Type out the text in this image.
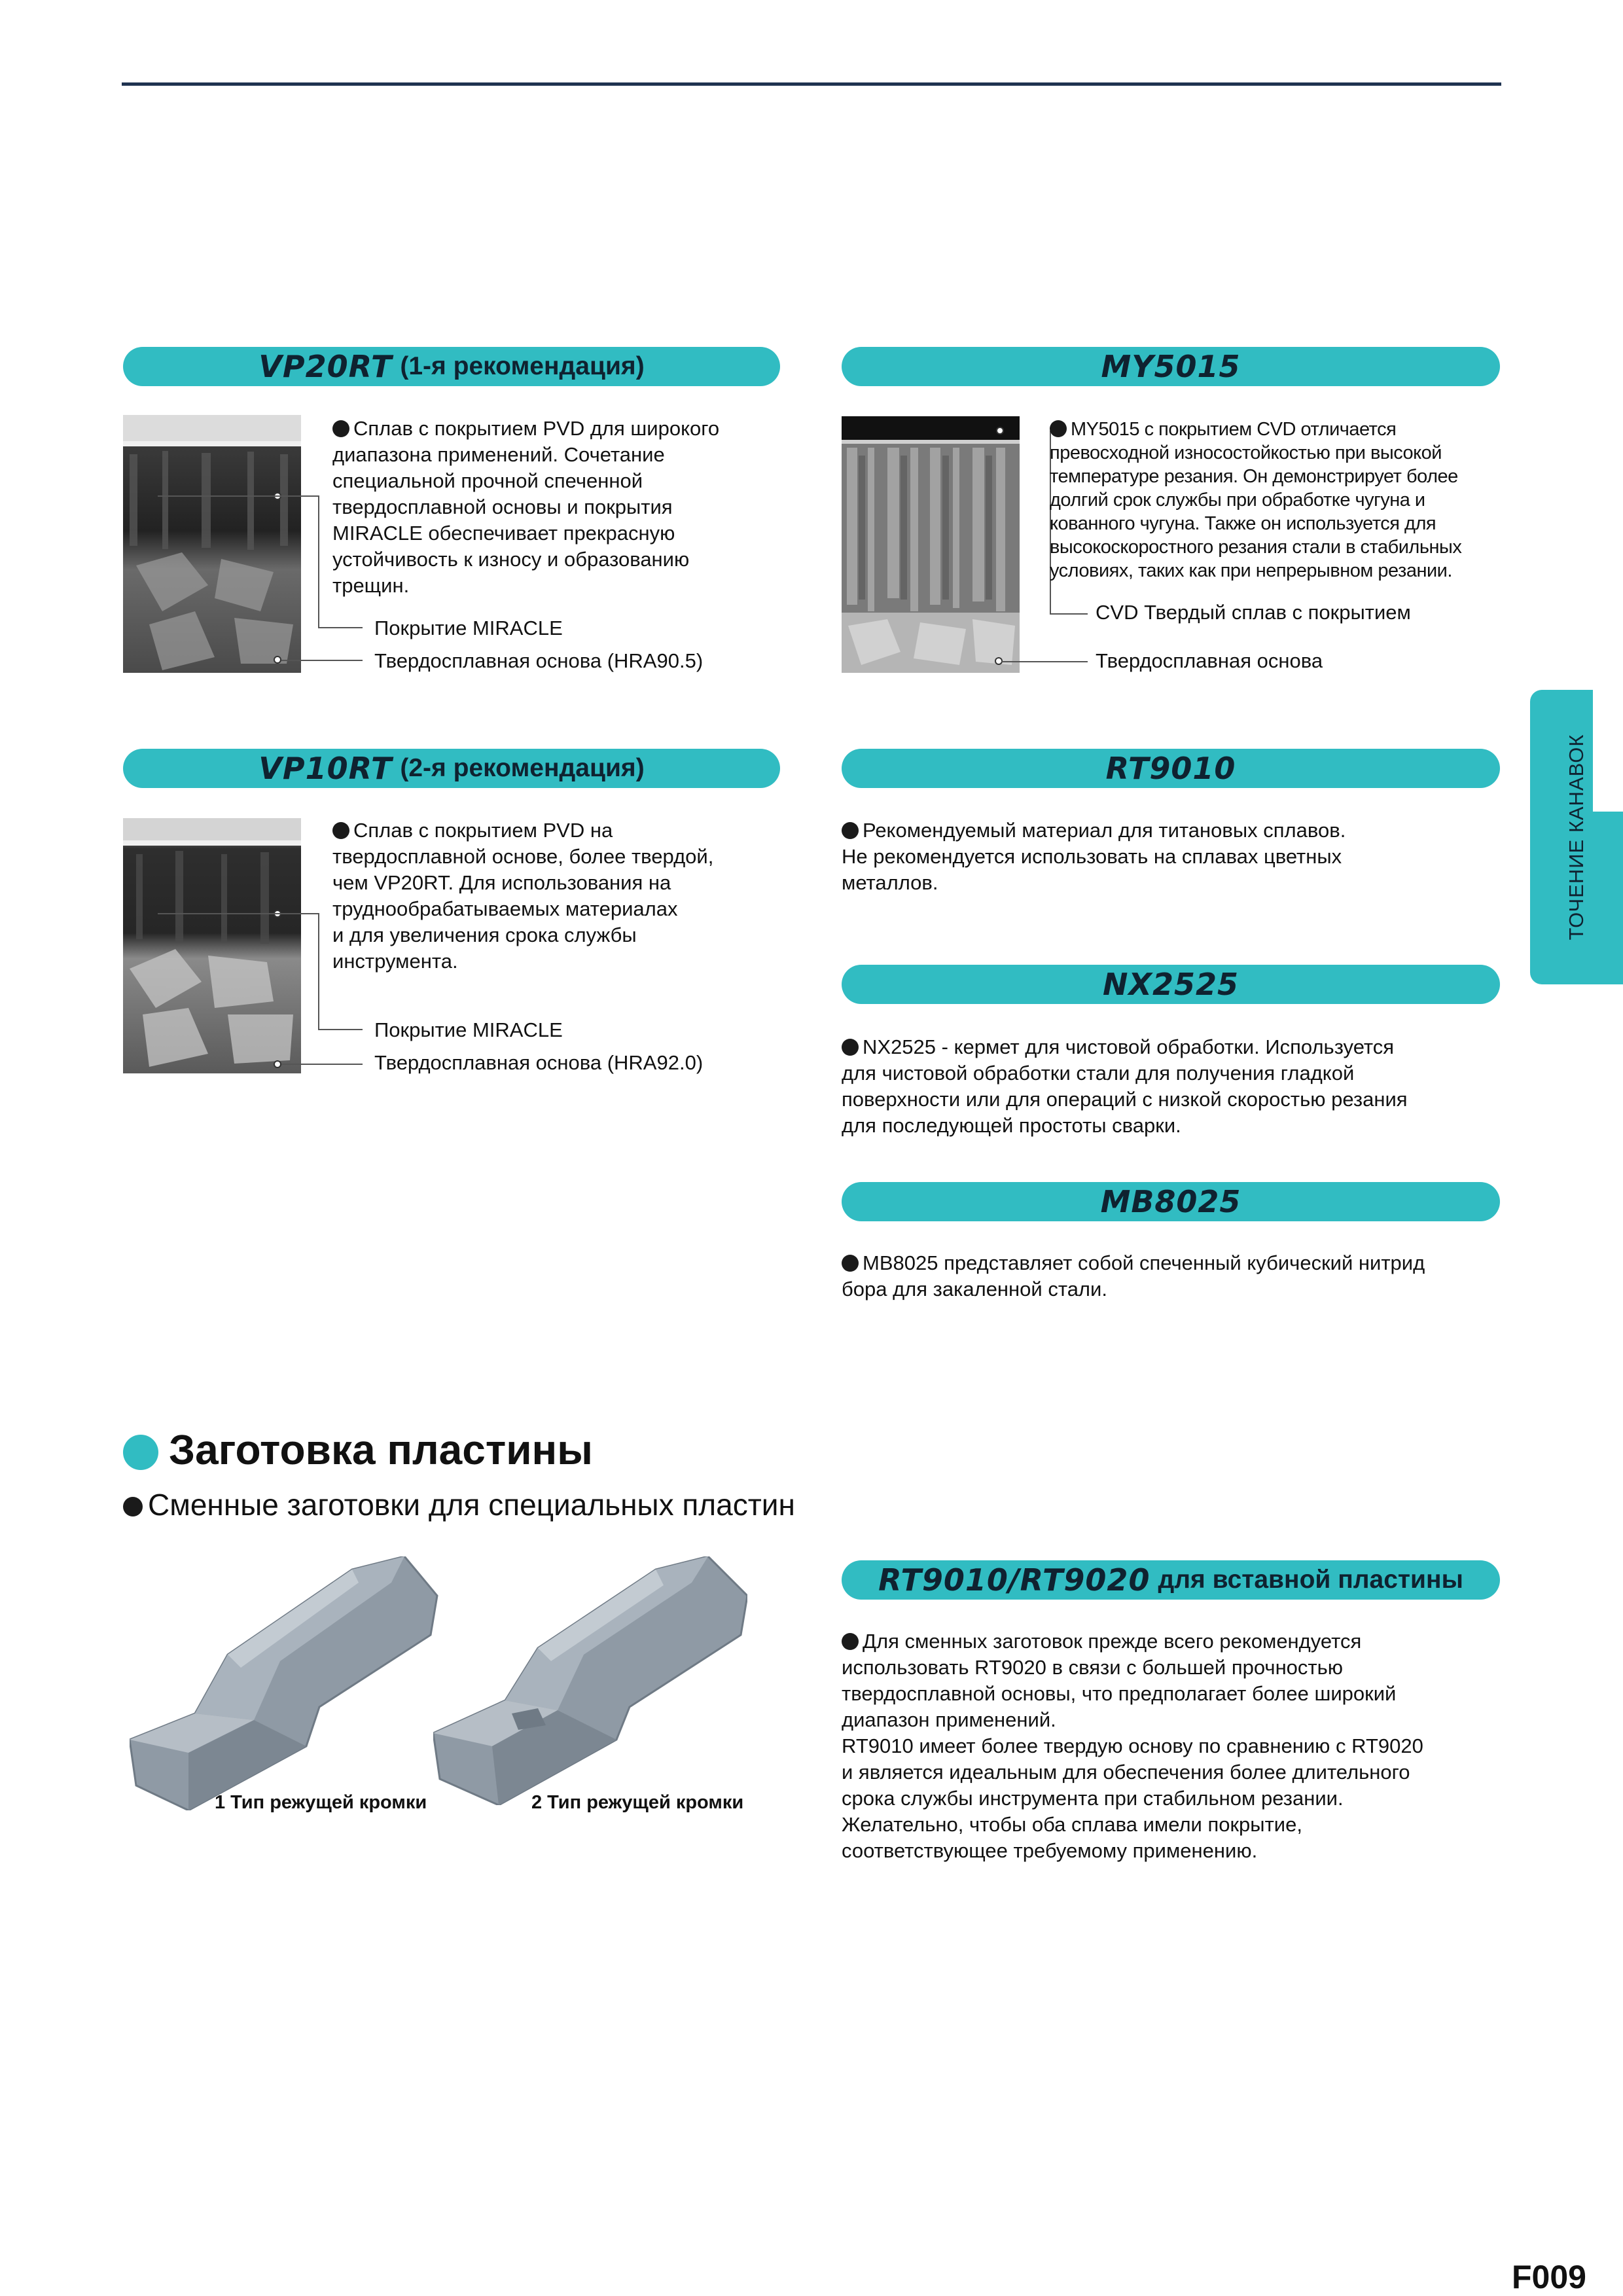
ТОЧЕНИЕ КАНАВОК
VP20RT (1-я рекомендация)
Сплав с покрытием PVD для широкого
диапазона применений. Сочетание
специальной прочной спеченной
твердосплавной основы и покрытия
MIRACLE обеспечивает прекрасную
устойчивость к износу и образованию
трещин.
Покрытие MIRACLE
Твердосплавная основа (HRA90.5)
MY5015
MY5015 с покрытием CVD отличается
превосходной износостойкостью при высокой
температуре резания. Он демонстрирует более
долгий срок службы при обработке чугуна и
кованного чугуна. Также он используется для
высокоскоростного резания стали в стабильных
условиях, таких как при непрерывном резании.
CVD Твердый сплав с покрытием
Твердосплавная основа
VP10RT (2-я рекомендация)
Сплав с покрытием PVD на
твердосплавной основе, более твердой,
чем VP20RT. Для использования на
труднообрабатываемых материалах
и для увеличения срока службы
инструмента.
Покрытие MIRACLE
Твердосплавная основа (HRA92.0)
RT9010
Рекомендуемый материал для титановых сплавов.
Не рекомендуется использовать на сплавах цветных
металлов.
NX2525
NX2525 - кермет для чистовой обработки. Используется
для чистовой обработки стали для получения гладкой
поверхности или для операций с низкой скоростью резания
для последующей простоты сварки.
MB8025
MB8025 представляет собой спеченный кубический нитрид
бора для закаленной стали.
Заготовка пластины
Сменные заготовки для специальных пластин
1 Тип режущей кромки	2 Тип режущей кромки
RT9010/RT9020 для вставной пластины
Для сменных заготовок прежде всего рекомендуется
использовать RT9020 в связи с большей прочностью
твердосплавной основы, что предполагает более широкий
диапазон применений.
RT9010 имеет более твердую основу по сравнению с RT9020
и является идеальным для обеспечения более длительного
срока службы инструмента при стабильном резании.
Желательно, чтобы оба сплава имели покрытие,
соответствующее требуемому применению.
F009
